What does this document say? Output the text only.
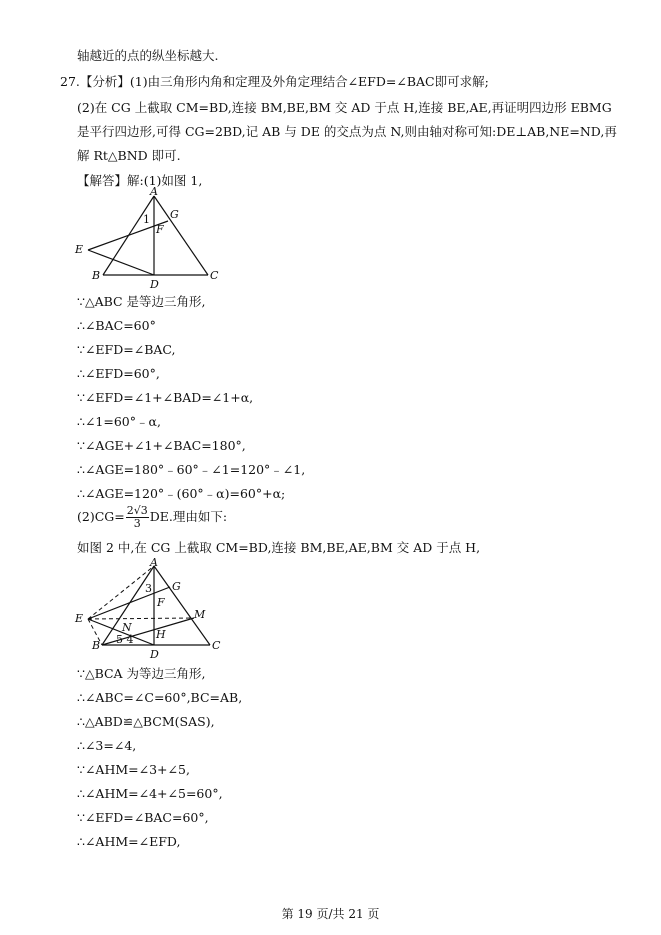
轴越近的点的纵坐标越大.
27.【分析】(1)由三角形内角和定理及外角定理结合∠EFD=∠BAC即可求解;
(2)在 CG 上截取 CM=BD,连接 BM,BE,BM 交 AD 于点 H,连接 BE,AE,再证明四边形 EBMG
是平行四边形,可得 CG=2BD,记 AB 与 DE 的交点为点 N,则由轴对称可知:DE⊥AB,NE=ND,再
解 Rt△BND 即可.
【解答】解:(1)如图 1,
A
G
1
F
E
B
D
C
∵△ABC 是等边三角形,
∴∠BAC=60°
∵∠EFD=∠BAC,
∴∠EFD=60°,
∵∠EFD=∠1+∠BAD=∠1+α,
∴∠1=60°﹣α,
∵∠AGE+∠1+∠BAC=180°,
∴∠AGE=180°﹣60°﹣∠1=120°﹣∠1,
∴∠AGE=120°﹣(60°﹣α)=60°+α;
$(2)CG= \frac{2√3}{3}$ DE.理由如下:
如图 2 中,在 CG 上截取 CM=BD,连接 BM,BE,AE,BM 交 AD 于点 H,
A
G
3
F
M
E
N
H
5 4
B
D
C
∵△BCA 为等边三角形,
∴∠ABC=∠C=60°,BC=AB,
∴△ABD≌△BCM(SAS),
∴∠3=∠4,
∵∠AHM=∠3+∠5,
∴∠AHM=∠4+∠5=60°,
∵∠EFD=∠BAC=60°,
∴∠AHM=∠EFD,
第 19 页/共 21 页
